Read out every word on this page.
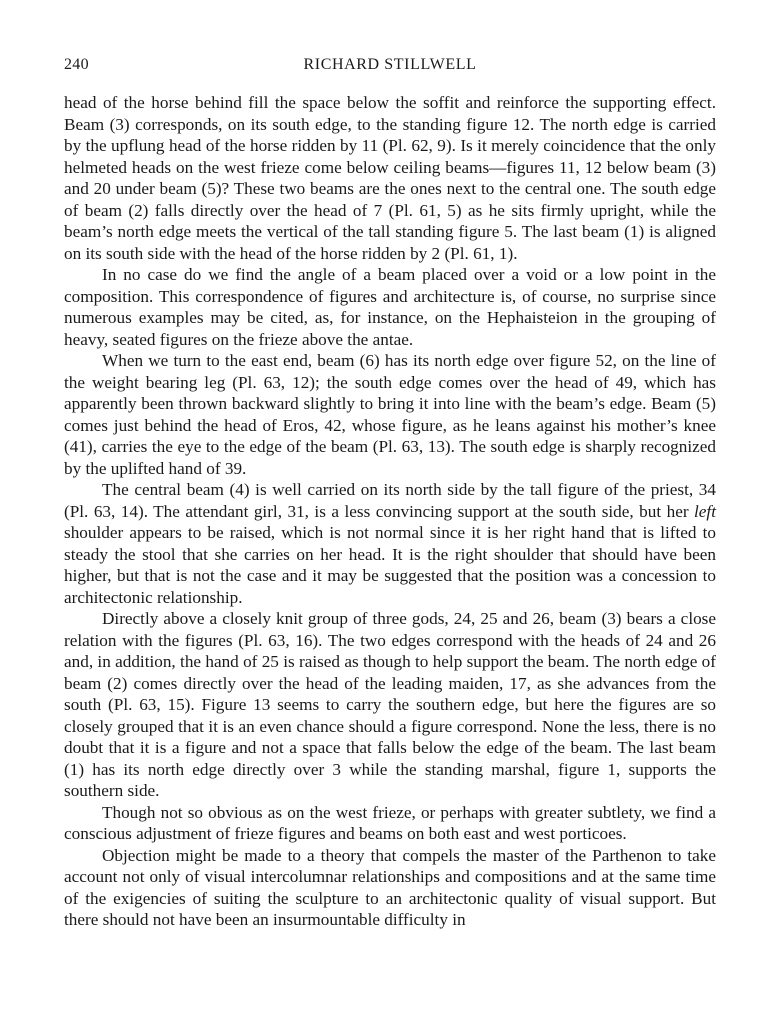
240	RICHARD STILLWELL

head of the horse behind fill the space below the soffit and reinforce the supporting effect. Beam (3) corresponds, on its south edge, to the standing figure 12. The north edge is carried by the upflung head of the horse ridden by 11 (Pl. 62, 9). Is it merely coincidence that the only helmeted heads on the west frieze come below ceiling beams—figures 11, 12 below beam (3) and 20 under beam (5)? These two beams are the ones next to the central one. The south edge of beam (2) falls directly over the head of 7 (Pl. 61, 5) as he sits firmly upright, while the beam’s north edge meets the vertical of the tall standing figure 5. The last beam (1) is aligned on its south side with the head of the horse ridden by 2 (Pl. 61, 1).

In no case do we find the angle of a beam placed over a void or a low point in the composition. This correspondence of figures and architecture is, of course, no surprise since numerous examples may be cited, as, for instance, on the Hephaisteion in the grouping of heavy, seated figures on the frieze above the antae.

When we turn to the east end, beam (6) has its north edge over figure 52, on the line of the weight bearing leg (Pl. 63, 12); the south edge comes over the head of 49, which has apparently been thrown backward slightly to bring it into line with the beam’s edge. Beam (5) comes just behind the head of Eros, 42, whose figure, as he leans against his mother’s knee (41), carries the eye to the edge of the beam (Pl. 63, 13). The south edge is sharply recognized by the uplifted hand of 39.

The central beam (4) is well carried on its north side by the tall figure of the priest, 34 (Pl. 63, 14). The attendant girl, 31, is a less convincing support at the south side, but her left shoulder appears to be raised, which is not normal since it is her right hand that is lifted to steady the stool that she carries on her head. It is the right shoulder that should have been higher, but that is not the case and it may be suggested that the position was a concession to architectonic relationship.

Directly above a closely knit group of three gods, 24, 25 and 26, beam (3) bears a close relation with the figures (Pl. 63, 16). The two edges correspond with the heads of 24 and 26 and, in addition, the hand of 25 is raised as though to help support the beam. The north edge of beam (2) comes directly over the head of the leading maiden, 17, as she advances from the south (Pl. 63, 15). Figure 13 seems to carry the southern edge, but here the figures are so closely grouped that it is an even chance should a figure correspond. None the less, there is no doubt that it is a figure and not a space that falls below the edge of the beam. The last beam (1) has its north edge directly over 3 while the standing marshal, figure 1, supports the southern side.

Though not so obvious as on the west frieze, or perhaps with greater subtlety, we find a conscious adjustment of frieze figures and beams on both east and west porticoes.

Objection might be made to a theory that compels the master of the Parthenon to take account not only of visual intercolumnar relationships and compositions and at the same time of the exigencies of suiting the sculpture to an architectonic quality of visual support. But there should not have been an insurmountable difficulty in
